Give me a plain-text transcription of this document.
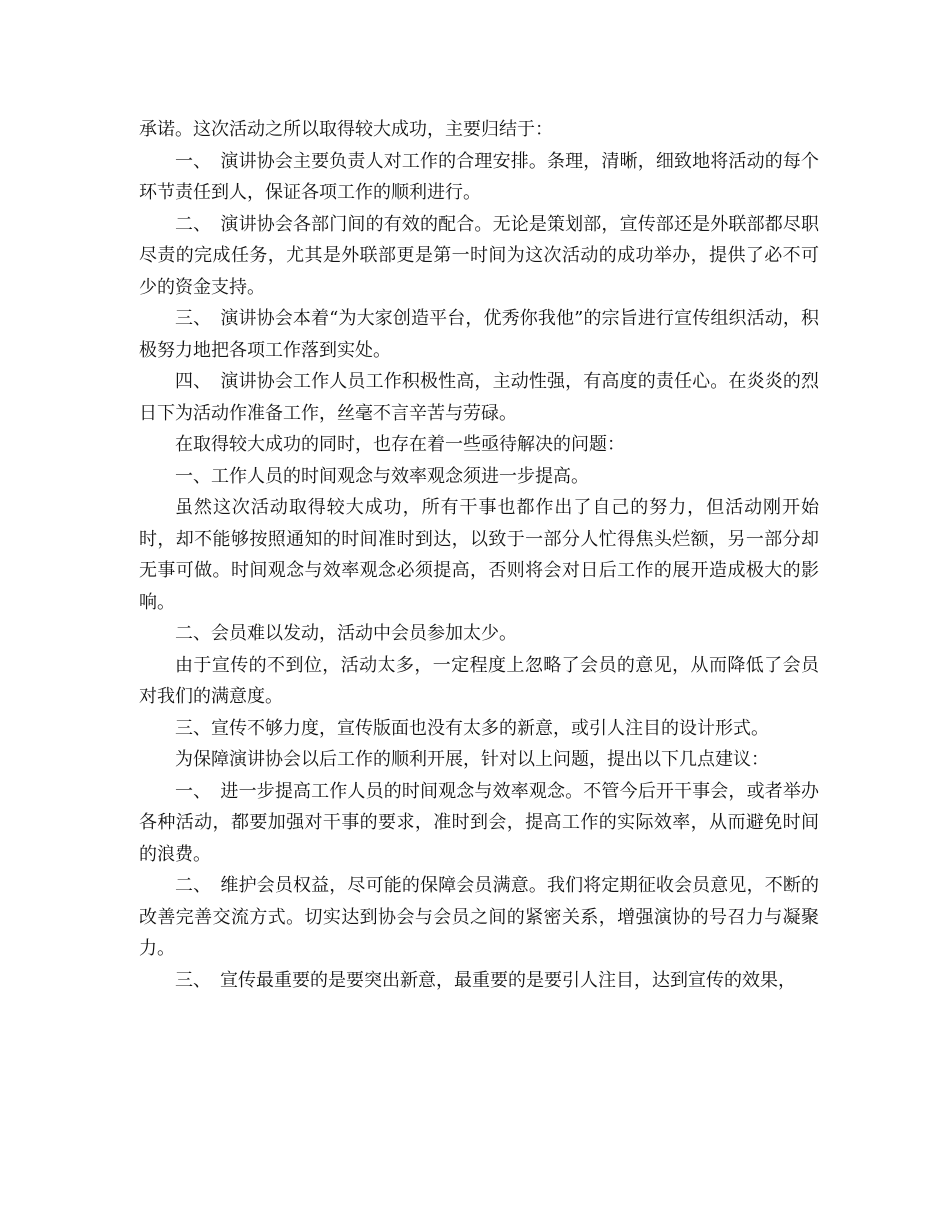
承诺。这次活动之所以取得较大成功，主要归结于：

一、　演讲协会主要负责人对工作的合理安排。条理，清晰，细致地将活动的每个环节责任到人，保证各项工作的顺利进行。

二、　演讲协会各部门间的有效的配合。无论是策划部，宣传部还是外联部都尽职尽责的完成任务，尤其是外联部更是第一时间为这次活动的成功举办，提供了必不可少的资金支持。

三、　演讲协会本着“为大家创造平台，优秀你我他”的宗旨进行宣传组织活动，积极努力地把各项工作落到实处。

四、　演讲协会工作人员工作积极性高，主动性强，有高度的责任心。在炎炎的烈日下为活动作准备工作，丝毫不言辛苦与劳碌。

在取得较大成功的同时，也存在着一些亟待解决的问题：

一、工作人员的时间观念与效率观念须进一步提高。

虽然这次活动取得较大成功，所有干事也都作出了自己的努力，但活动刚开始时，却不能够按照通知的时间准时到达，以致于一部分人忙得焦头烂额，另一部分却无事可做。时间观念与效率观念必须提高，否则将会对日后工作的展开造成极大的影响。

二、会员难以发动，活动中会员参加太少。

由于宣传的不到位，活动太多，一定程度上忽略了会员的意见，从而降低了会员对我们的满意度。

三、宣传不够力度，宣传版面也没有太多的新意，或引人注目的设计形式。

为保障演讲协会以后工作的顺利开展，针对以上问题，提出以下几点建议：

一、　进一步提高工作人员的时间观念与效率观念。不管今后开干事会，或者举办各种活动，都要加强对干事的要求，准时到会，提高工作的实际效率，从而避免时间的浪费。

二、　维护会员权益，尽可能的保障会员满意。我们将定期征收会员意见，不断的改善完善交流方式。切实达到协会与会员之间的紧密关系，增强演协的号召力与凝聚力。

三、　宣传最重要的是要突出新意，最重要的是要引人注目，达到宣传的效果，
